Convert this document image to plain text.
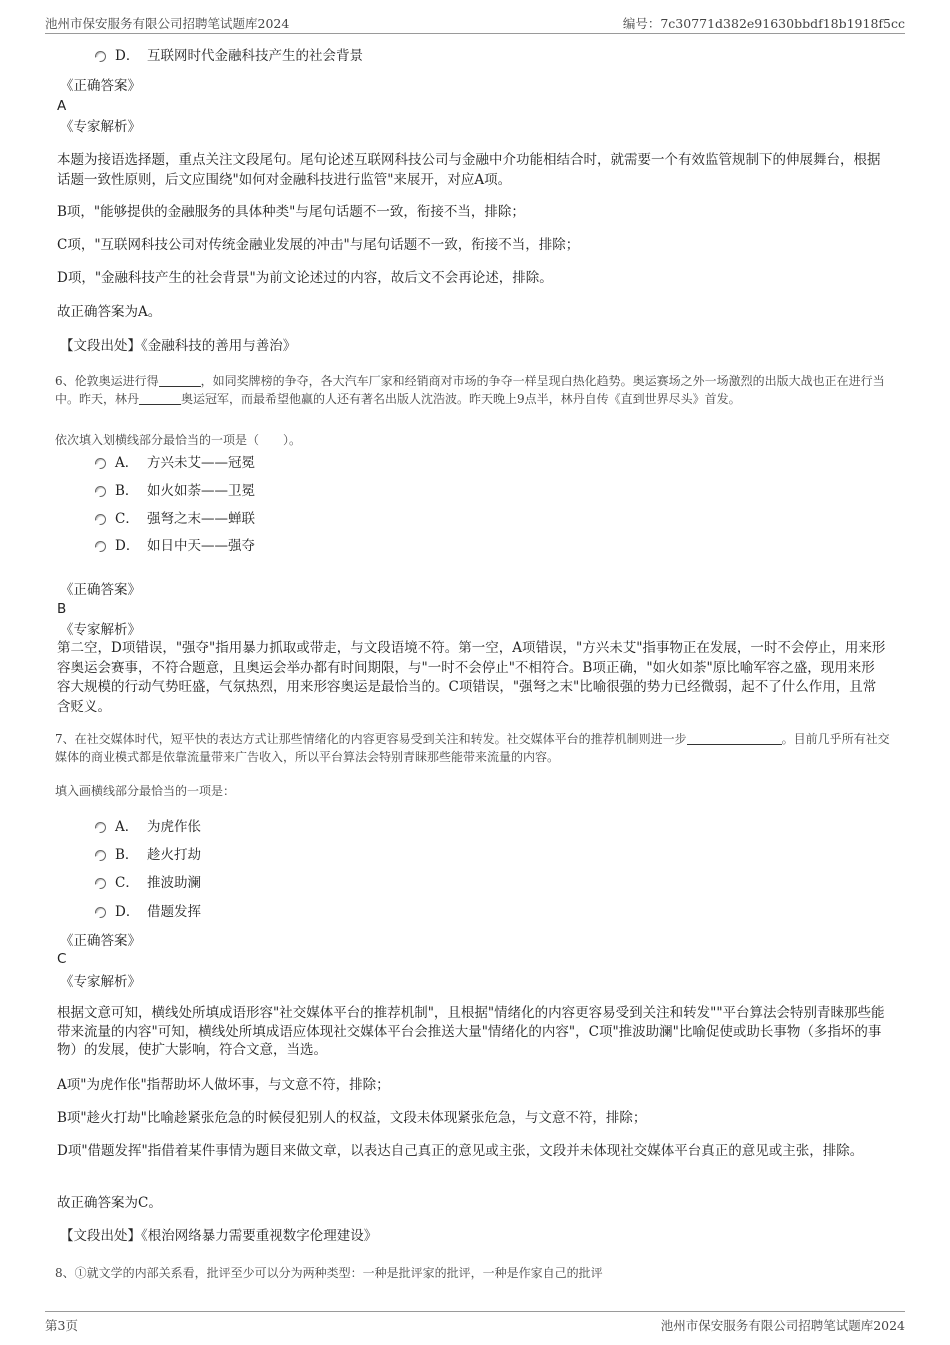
池州市保安服务有限公司招聘笔试题库2024	编号：7c30771d382e91630bbdf18b1918f5cc
D． 互联网时代金融科技产生的社会背景
《正确答案》
A
《专家解析》
本题为接语选择题，重点关注文段尾句。尾句论述互联网科技公司与金融中介功能相结合时，就需要一个有效监管规制下的伸展舞台，根据话题一致性原则，后文应围绕"如何对金融科技进行监管"来展开，对应A项。
B项，"能够提供的金融服务的具体种类"与尾句话题不一致，衔接不当，排除；
C项，"互联网科技公司对传统金融业发展的冲击"与尾句话题不一致，衔接不当，排除；
D项，"金融科技产生的社会背景"为前文论述过的内容，故后文不会再论述，排除。
故正确答案为A。
【文段出处】《金融科技的善用与善治》
6、伦敦奥运进行得	，如同奖牌榜的争夺，各大汽车厂家和经销商对市场的争夺一样呈现白热化趋势。奥运赛场之外一场激烈的出版大战也正在进行当中。昨天，林丹	奥运冠军，而最希望他赢的人还有著名出版人沈浩波。昨天晚上9点半，林丹自传《直到世界尽头》首发。
依次填入划横线部分最恰当的一项是（　　）。
A． 方兴未艾——冠冕
B． 如火如荼——卫冕
C． 强弩之末——蝉联
D． 如日中天——强夺
《正确答案》
B
《专家解析》
第二空，D项错误，"强夺"指用暴力抓取或带走，与文段语境不符。第一空，A项错误，"方兴未艾"指事物正在发展，一时不会停止，用来形容奥运会赛事，不符合题意，且奥运会举办都有时间期限，与"一时不会停止"不相符合。B项正确，"如火如荼"原比喻军容之盛，现用来形容大规模的行动气势旺盛，气氛热烈，用来形容奥运是最恰当的。C项错误，"强弩之末"比喻很强的势力已经微弱，起不了什么作用，且常含贬义。
7、在社交媒体时代，短平快的表达方式让那些情绪化的内容更容易受到关注和转发。社交媒体平台的推荐机制则进一步	。目前几乎所有社交媒体的商业模式都是依靠流量带来广告收入，所以平台算法会特别青睐那些能带来流量的内容。
填入画横线部分最恰当的一项是：
A． 为虎作伥
B． 趁火打劫
C． 推波助澜
D． 借题发挥
《正确答案》
C
《专家解析》
根据文意可知，横线处所填成语形容"社交媒体平台的推荐机制"，且根据"情绪化的内容更容易受到关注和转发""平台算法会特别青睐那些能带来流量的内容"可知，横线处所填成语应体现社交媒体平台会推送大量"情绪化的内容"，C项"推波助澜"比喻促使或助长事物（多指坏的事物）的发展，使扩大影响，符合文意，当选。
A项"为虎作伥"指帮助坏人做坏事，与文意不符，排除；
B项"趁火打劫"比喻趁紧张危急的时候侵犯别人的权益，文段未体现紧张危急，与文意不符，排除；
D项"借题发挥"指借着某件事情为题目来做文章，以表达自己真正的意见或主张，文段并未体现社交媒体平台真正的意见或主张，排除。
故正确答案为C。
【文段出处】《根治网络暴力需要重视数字伦理建设》
8、①就文学的内部关系看，批评至少可以分为两种类型：一种是批评家的批评，一种是作家自己的批评
第3页	池州市保安服务有限公司招聘笔试题库2024
